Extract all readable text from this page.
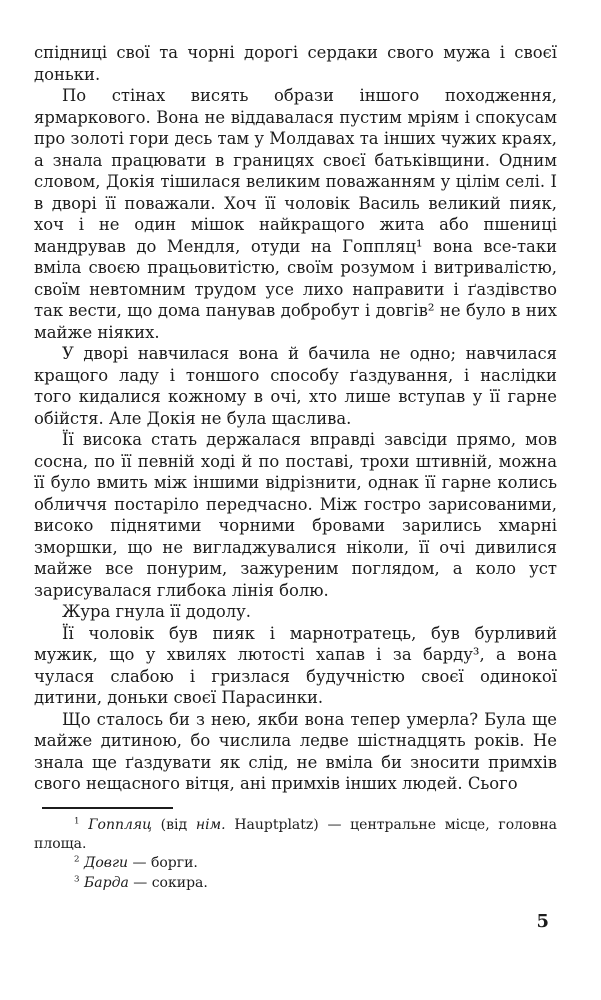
спідниці свої та чорні дорогі сердаки свого мужа і своєї доньки.

По стінах висять образи іншого походження, ярмаркового. Вона не віддавалася пустим мріям і спокусам про золоті гори десь там у Молдавах та інших чужих краях, а знала працювати в границях своєї батьківщини. Одним словом, Докія тішилася великим поважанням у цілім селі. І в дворі її поважали. Хоч її чоловік Василь великий пияк, хоч і не один мішок найкращого жита або пшениці мандрував до Мендля, отуди на Гоппляц¹ вона все-таки вміла своєю працьовитістю, своїм розумом і витривалістю, своїм невтомним трудом усе лихо направити і ґаздівство так вести, що дома панував добробут і довгів² не було в них майже ніяких.

У дворі навчилася вона й бачила не одно; навчилася кращого ладу і тоншого способу ґаздування, і наслідки того кидалися кожному в очі, хто лише вступав у її гарне обійстя. Але Докія не була щаслива.

Її висока стать держалася вправді завсіди прямо, мов сосна, по її певній ході й по поставі, трохи штивній, можна її було вмить між іншими відрізнити, однак її гарне колись обличчя постаріло передчасно. Між гостро зарисованими, високо піднятими чорними бровами зарились хмарні зморшки, що не вигладжувалися ніколи, її очі дивилися майже все понурим, зажуреним поглядом, а коло уст зарисувалася глибока лінія болю.

Жура гнула її додолу.

Її чоловік був пияк і марнотратець, був бурливий мужик, що у хвилях лютості хапав і за барду³, а вона чулася слабою і гризлася будучністю своєї одинокої дитини, доньки своєї Парасинки.

Що сталось би з нею, якби вона тепер умерла? Була ще майже дитиною, бо числила ледве шістнадцять років. Не знала ще ґаздувати як слід, не вміла би зносити примхів свого нещасного вітця, ані примхів інших людей. Сього

$^1$ Гоппляц (від нім. Hauptplatz) — центральне місце, головна площа.

$^2$ Довги — борги.

$^3$ Барда — сокира.

5
